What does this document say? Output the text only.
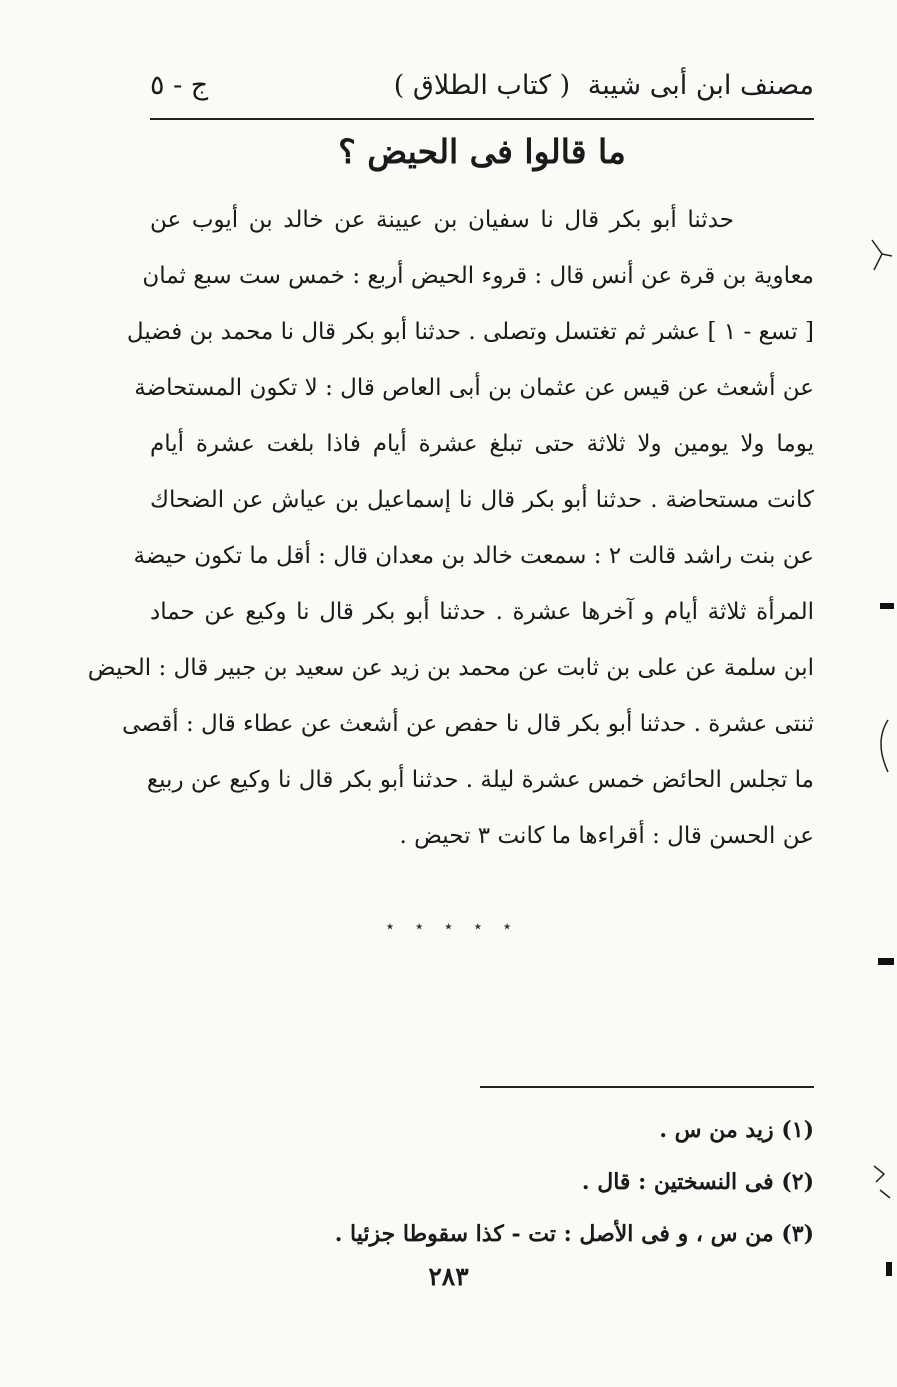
مصنف ابن أبى شيبة
( كتاب الطلاق )
ج - ٥
ما قالوا فى الحيض ؟
حدثنا أبو بكر قال نا سفيان بن عيينة عن خالد بن أيوب عن
معاوية بن قرة عن أنس قال : قروء الحيض أربع : خمس ست سبع ثمان
[ تسع - ١ ] عشر ثم تغتسل وتصلى . حدثنا أبو بكر قال نا محمد بن فضيل
عن أشعث عن قيس عن عثمان بن أبى العاص قال : لا تكون المستحاضة
يوما ولا يومين ولا ثلاثة حتى تبلغ عشرة أيام فاذا بلغت عشرة أيام
كانت مستحاضة . حدثنا أبو بكر قال نا إسماعيل بن عياش عن الضحاك
عن بنت راشد قالت ٢ : سمعت خالد بن معدان قال : أقل ما تكون حيضة
المرأة ثلاثة أيام و آخرها عشرة . حدثنا أبو بكر قال نا وكيع عن حماد
ابن سلمة عن على بن ثابت عن محمد بن زيد عن سعيد بن جبير قال : الحيض
ثنتى عشرة . حدثنا أبو بكر قال نا حفص عن أشعث عن عطاء قال : أقصى
ما تجلس الحائض خمس عشرة ليلة . حدثنا أبو بكر قال نا وكيع عن ربيع
عن الحسن قال : أقراءها ما كانت ٣ تحيض .
٭ ٭ ٭ ٭ ٭
(١) زيد من س .
(٢) فى النسختين : قال .
(٣) من س ، و فى الأصل : تت - كذا سقوطا جزئيا .
٢٨٣
